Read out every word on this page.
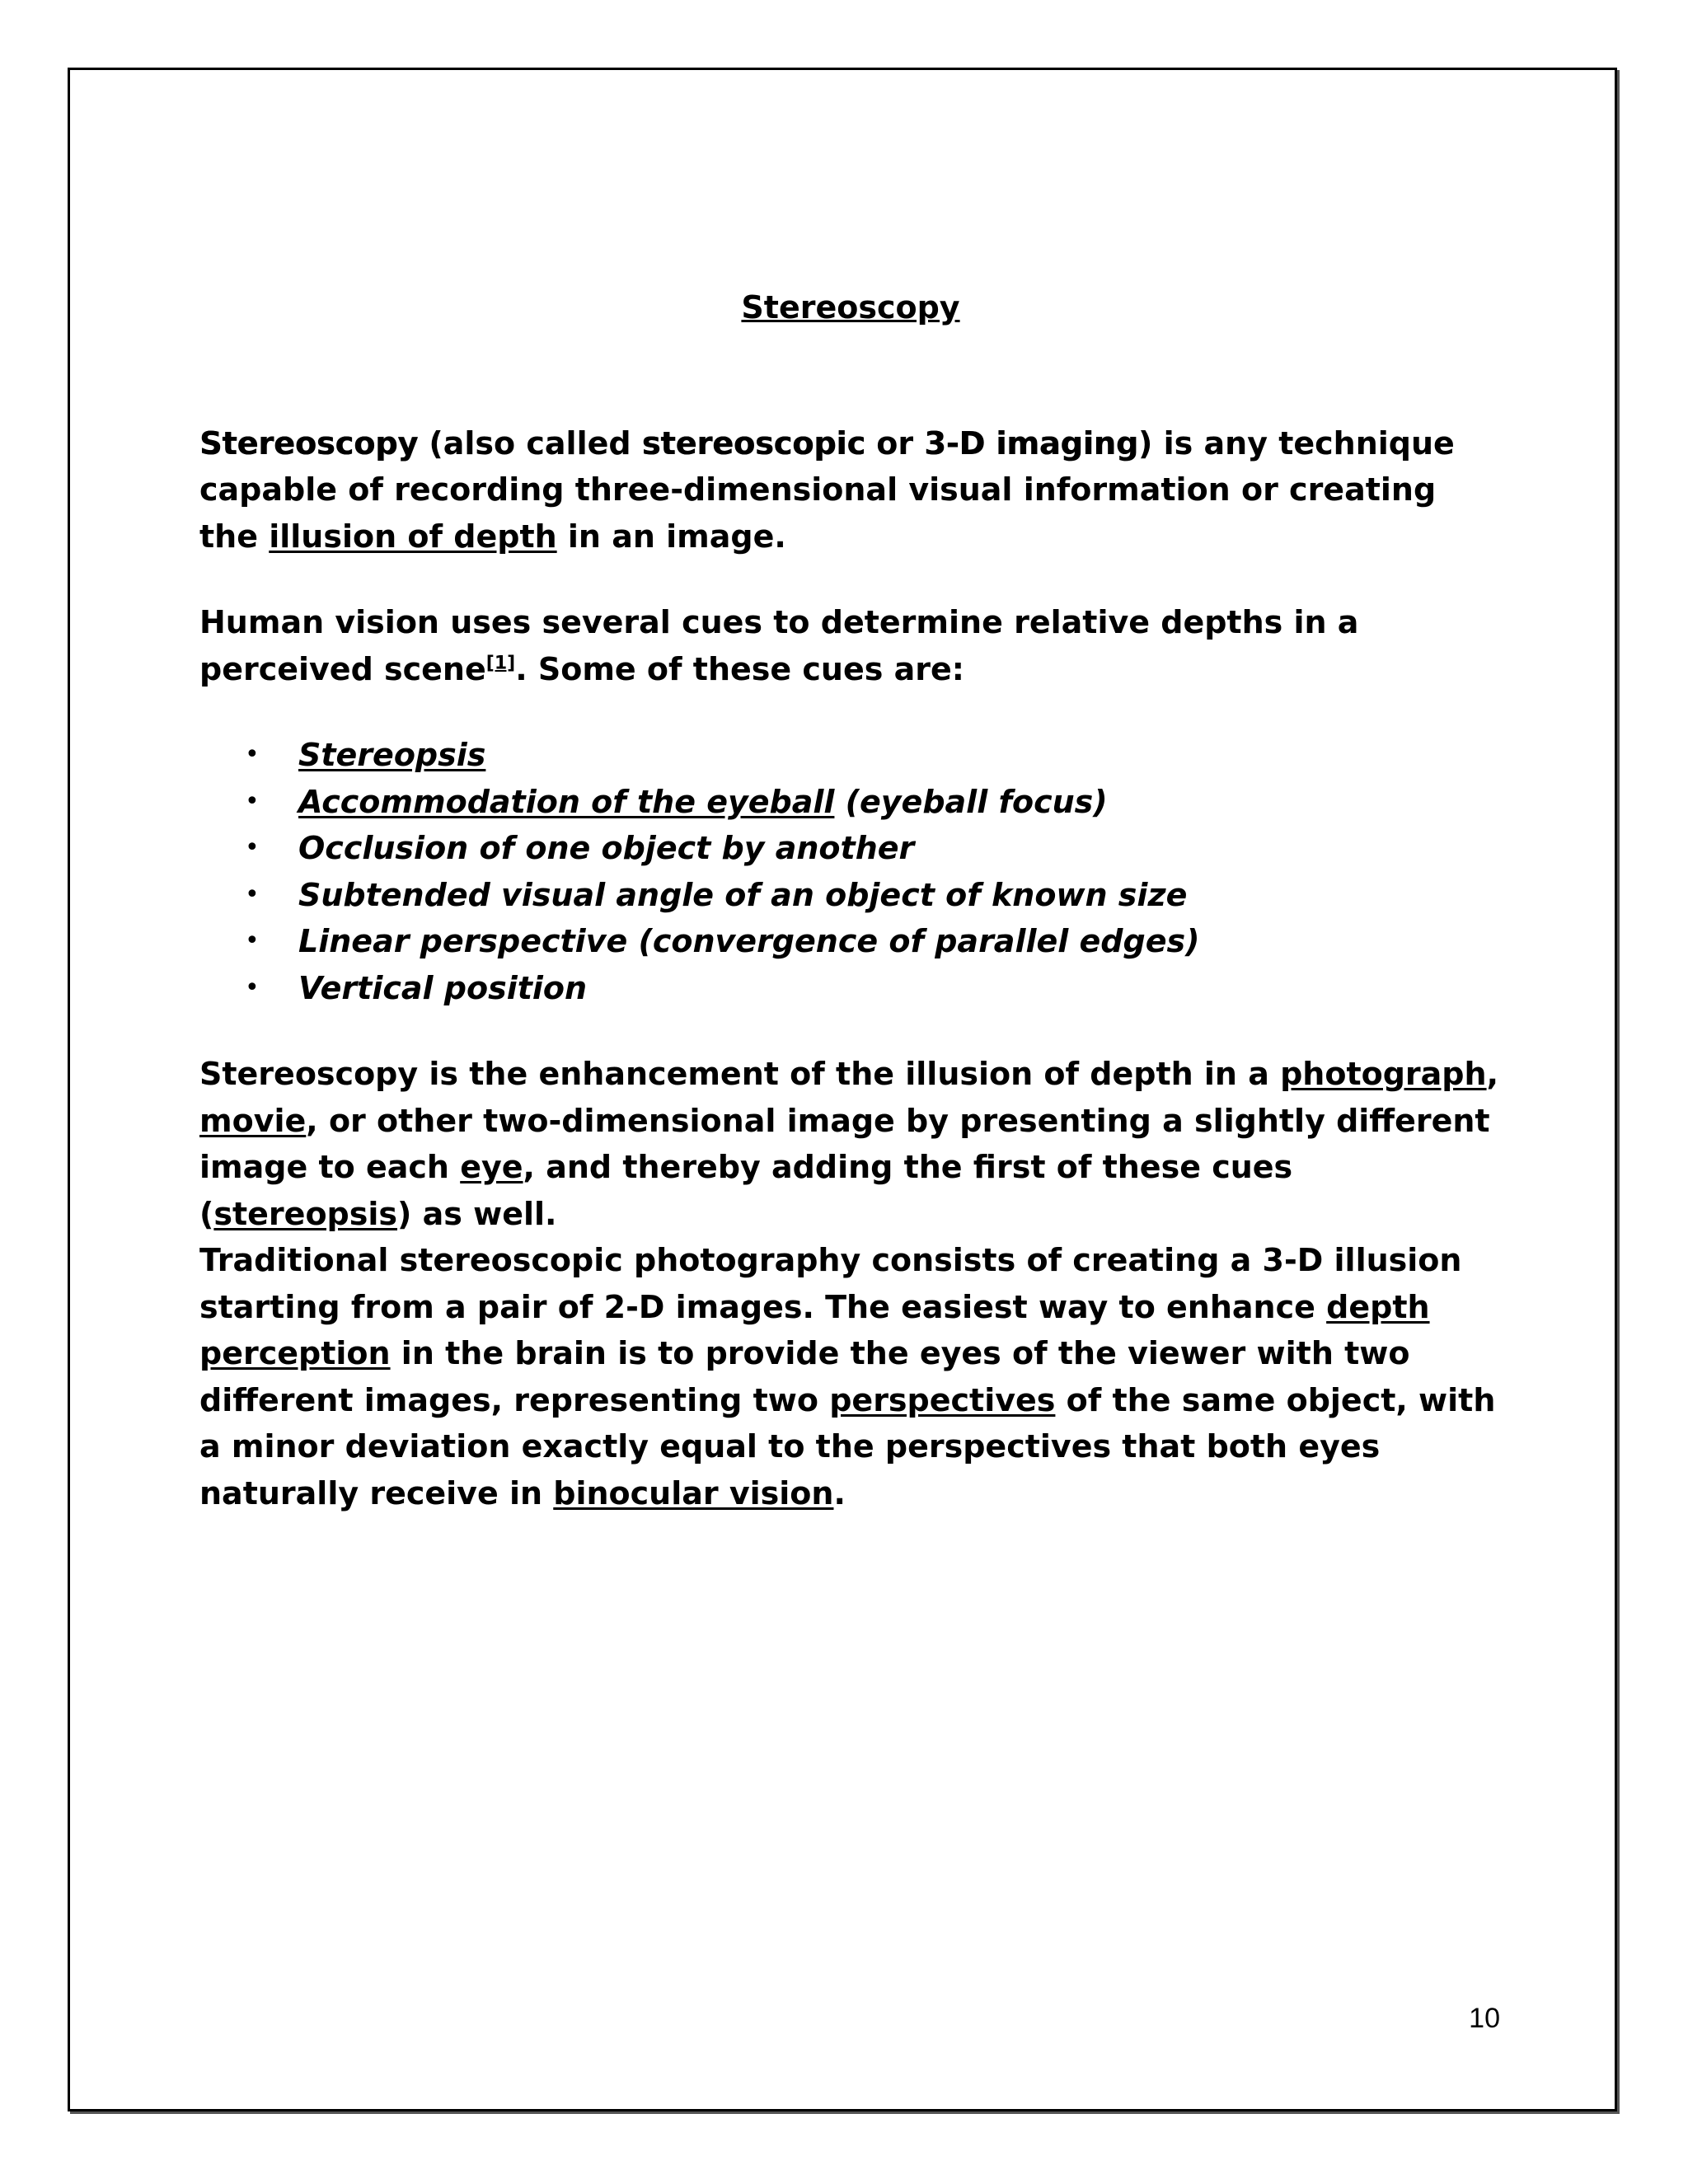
Stereoscopy

Stereoscopy (also called stereoscopic or 3-D imaging) is any technique capable of recording three-dimensional visual information or creating the illusion of depth in an image.

Human vision uses several cues to determine relative depths in a perceived scene[1]. Some of these cues are:

• Stereopsis
• Accommodation of the eyeball (eyeball focus)
• Occlusion of one object by another
• Subtended visual angle of an object of known size
• Linear perspective (convergence of parallel edges)
• Vertical position

Stereoscopy is the enhancement of the illusion of depth in a photograph, movie, or other two-dimensional image by presenting a slightly different image to each eye, and thereby adding the first of these cues (stereopsis) as well.

Traditional stereoscopic photography consists of creating a 3-D illusion starting from a pair of 2-D images. The easiest way to enhance depth perception in the brain is to provide the eyes of the viewer with two different images, representing two perspectives of the same object, with a minor deviation exactly equal to the perspectives that both eyes naturally receive in binocular vision.

10
